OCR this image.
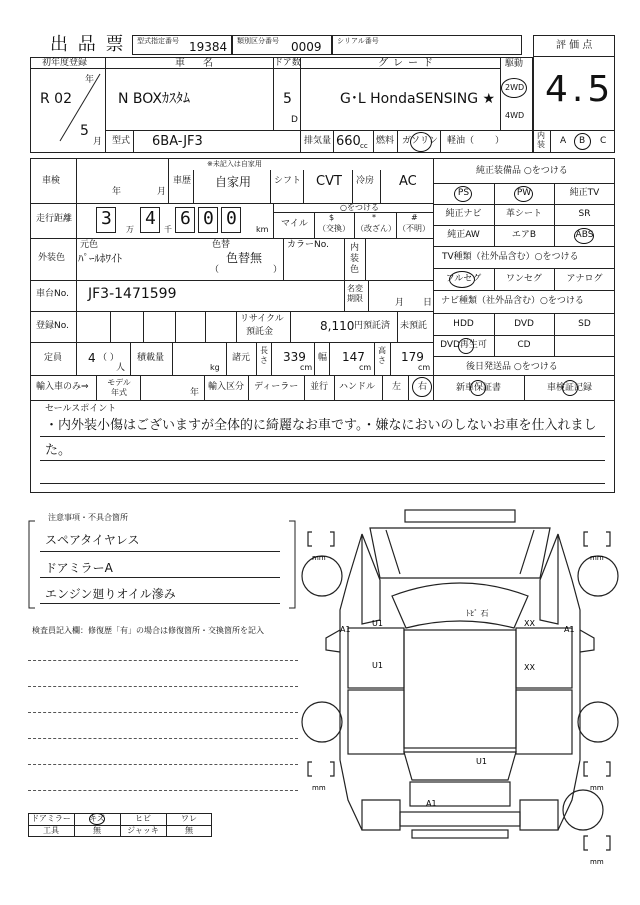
出 品 票 型式指定番号 19384 類別区分番号 0009 シリアル番号	評 価 点
4.5
初年度登録
年
R 02
5
月
車　名
N BOXｶｽﾀﾑ
ドア数
5
D
グレード
G･L HondaSENSING ★
駆動
2WD
4WD
型式 6BA-JF3	排気量 660 cc 燃料 ガソリン 軽油（ ）
内装 A B C
車検
年	月
※未記入は自家用
車歴 自家用	シフト CVT 冷房 AC
走行距離 3
万
4
千
6 0 0
km
○をつける
マイル
$
（交換）
*
（改ざん）
#
（不明）
外装色
元色
ﾊﾟｰﾙﾎﾜｲﾄ
色替
色替無
（	）
カラーNo. 内装色
車台No. JF3-1471599	名変期限	月 日
登録No.
リサイクル
預託金	8,110 円預託済 未預託
定員 4 （ ）
人
積載量
kg
諸元
長さ 339
cm
幅 147
cm
高さ 179
cm
輸入車のみ⇒ モデル年式	年
輸入区分 ディーラー 並行 ハンドル 左 右
純正装備品 ○をつける
PS	PW	純正TV
純正ナビ	革シート	SR
純正AW	エアB	ABS
TV種類（社外品含む）○をつける
フルセグ	ワンセグ	アナログ
ナビ種類（社外品含む）○をつける
HDD	DVD	SD
DVD再生可	CD
後日発送品 ○をつける
新車保証書	車検証記録
セールスポイント
・内外装小傷はございますが全体的に綺麗なお車です。・嫌なにおいのしないお車を仕入れまし
た。
注意事項・不具合箇所
スペアタイヤレス
ドアミラーA
エンジン廻りオイル滲み
検査員記入欄：修復歴「有」の場合は修復箇所・交換箇所を記入
mm	mm
mm	mm
mm
ﾄﾋﾞ 石
U1
U1
XX
XX
A1	A1
U1
A1
ドアミラー	キズ	ヒビ	ワレ
工具	無	ジャッキ	無
